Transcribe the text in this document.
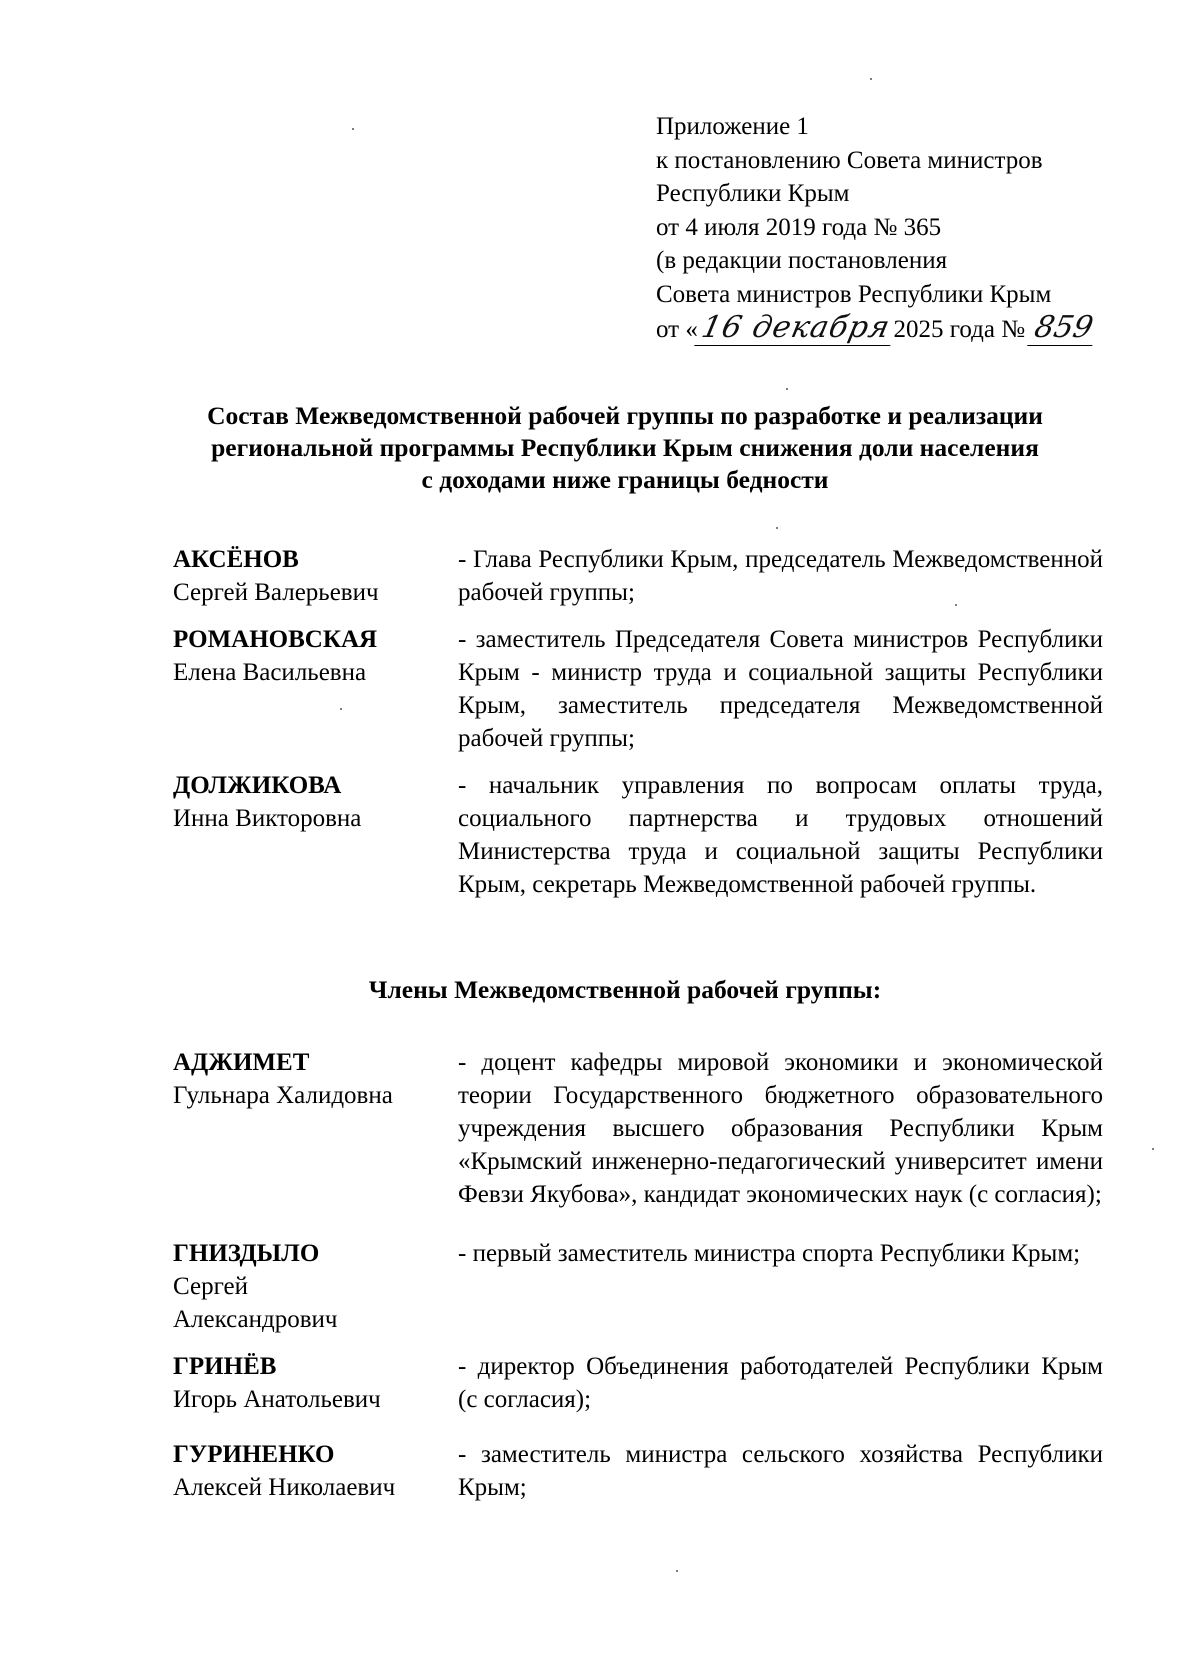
Приложение 1
к постановлению Совета министров
Республики Крым
от 4 июля 2019 года № 365
(в редакции постановления
Совета министров Республики Крым
от «16 декабря2025 года № 859
Состав Межведомственной рабочей группы по разработке и реализации
региональной программы Республики Крым снижения доли населения
с доходами ниже границы бедности
АКСЁНОВ
Сергей Валерьевич
- Глава Республики Крым, председатель Межведомственной рабочей группы;
РОМАНОВСКАЯ
Елена Васильевна
- заместитель Председателя Совета министров Республики Крым - министр труда и социальной защиты Республики Крым, заместитель председателя Межведомственной рабочей группы;
ДОЛЖИКОВА
Инна Викторовна
- начальник управления по вопросам оплаты труда, социального партнерства и трудовых отношений Министерства труда и социальной защиты Республики Крым, секретарь Межведомственной рабочей группы.
Члены Межведомственной рабочей группы:
АДЖИМЕТ
Гульнара Халидовна
- доцент кафедры мировой экономики и экономической теории Государственного бюджетного образовательного учреждения высшего образования Республики Крым «Крымский инженерно-педагогический университет имени Февзи Якубова», кандидат экономических наук (с согласия);
ГНИЗДЫЛО
Сергей Александрович
- первый заместитель министра спорта Республики Крым;
ГРИНЁВ
Игорь Анатольевич
- директор Объединения работодателей Республики Крым (с согласия);
ГУРИНЕНКО
Алексей Николаевич
- заместитель министра сельского хозяйства Республики Крым;
